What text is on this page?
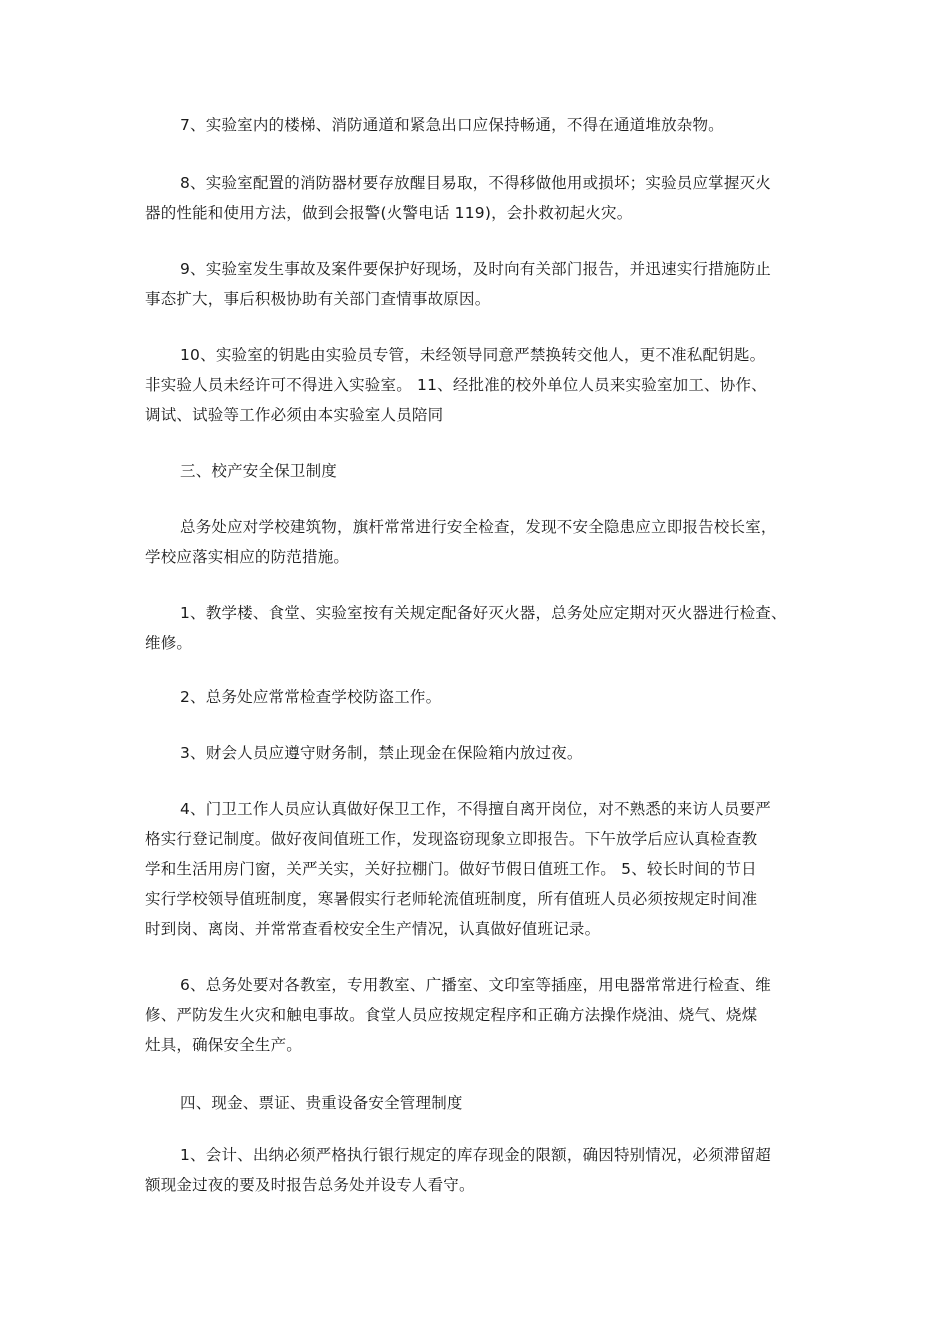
7、实验室内的楼梯、消防通道和紧急出口应保持畅通，不得在通道堆放杂物。
8、实验室配置的消防器材要存放醒目易取，不得移做他用或损坏；实验员应掌握灭火
器的性能和使用方法，做到会报警(火警电话 119)，会扑救初起火灾。
9、实验室发生事故及案件要保护好现场，及时向有关部门报告，并迅速实行措施防止
事态扩大，事后积极协助有关部门查情事故原因。
10、实验室的钥匙由实验员专管，未经领导同意严禁换转交他人，更不准私配钥匙。
非实验人员未经许可不得进入实验室。 11、经批准的校外单位人员来实验室加工、协作、
调试、试验等工作必须由本实验室人员陪同
三、校产安全保卫制度
总务处应对学校建筑物，旗杆常常进行安全检查，发现不安全隐患应立即报告校长室，
学校应落实相应的防范措施。
1、教学楼、食堂、实验室按有关规定配备好灭火器，总务处应定期对灭火器进行检查、
维修。
2、总务处应常常检查学校防盗工作。
3、财会人员应遵守财务制，禁止现金在保险箱内放过夜。
4、门卫工作人员应认真做好保卫工作，不得擅自离开岗位，对不熟悉的来访人员要严
格实行登记制度。做好夜间值班工作，发现盗窃现象立即报告。下午放学后应认真检查教
学和生活用房门窗，关严关实，关好拉棚门。做好节假日值班工作。 5、较长时间的节日
实行学校领导值班制度，寒暑假实行老师轮流值班制度，所有值班人员必须按规定时间准
时到岗、离岗、并常常查看校安全生产情况，认真做好值班记录。
6、总务处要对各教室，专用教室、广播室、文印室等插座，用电器常常进行检查、维
修、严防发生火灾和触电事故。食堂人员应按规定程序和正确方法操作烧油、烧气、烧煤
灶具，确保安全生产。
四、现金、票证、贵重设备安全管理制度
1、会计、出纳必须严格执行银行规定的库存现金的限额，确因特别情况，必须滞留超
额现金过夜的要及时报告总务处并设专人看守。
